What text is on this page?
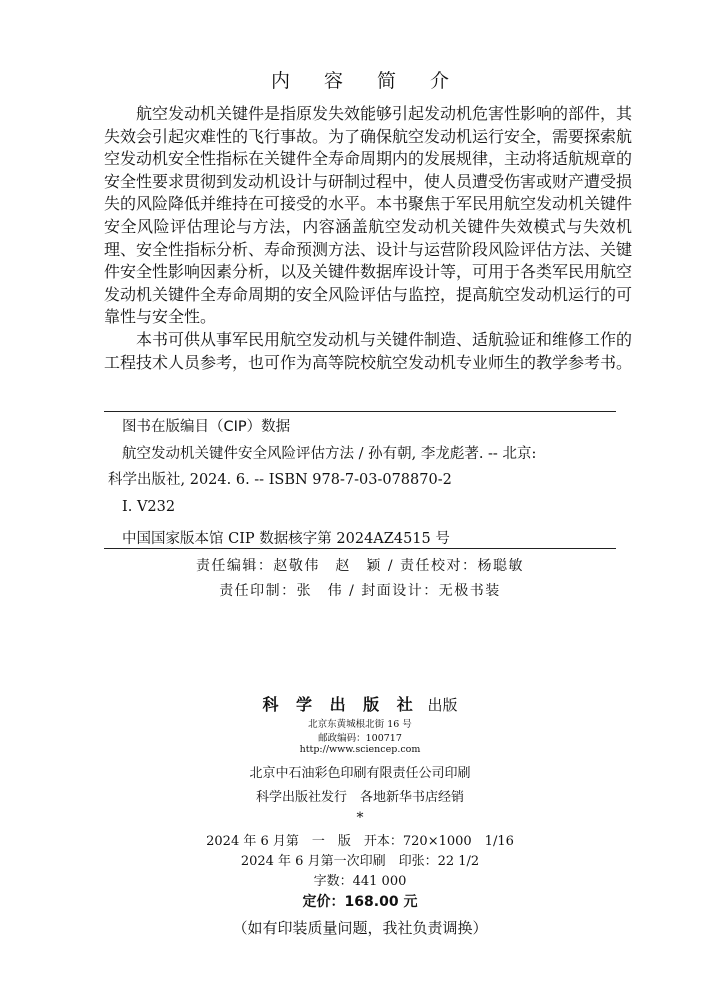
内 容 简 介

航空发动机关键件是指原发失效能够引起发动机危害性影响的部件，其失效会引起灾难性的飞行事故。为了确保航空发动机运行安全，需要探索航空发动机安全性指标在关键件全寿命周期内的发展规律，主动将适航规章的安全性要求贯彻到发动机设计与研制过程中，使人员遭受伤害或财产遭受损失的风险降低并维持在可接受的水平。本书聚焦于军民用航空发动机关键件安全风险评估理论与方法，内容涵盖航空发动机关键件失效模式与失效机理、安全性指标分析、寿命预测方法、设计与运营阶段风险评估方法、关键件安全性影响因素分析，以及关键件数据库设计等，可用于各类军民用航空发动机关键件全寿命周期的安全风险评估与监控，提高航空发动机运行的可靠性与安全性。

本书可供从事军民用航空发动机与关键件制造、适航验证和维修工作的工程技术人员参考，也可作为高等院校航空发动机专业师生的教学参考书。

图书在版编目（CIP）数据
航空发动机关键件安全风险评估方法 / 孙有朝, 李龙彪著. -- 北京:
科学出版社, 2024. 6. -- ISBN 978-7-03-078870-2
Ⅰ. V232
中国国家版本馆 CIP 数据核字第 2024AZ4515 号
责任编辑：赵敬伟　赵　颖 / 责任校对：杨聪敏
责任印制：张　伟 / 封面设计：无极书装
科 学 出 版 社 出版
北京东黄城根北街 16 号
邮政编码：100717
http://www.sciencep.com
北京中石油彩色印刷有限责任公司印刷
科学出版社发行　各地新华书店经销
*
2024 年 6 月第　一　版　开本：720×1000　1/16
2024 年 6 月第一次印刷　印张：22 1/2
字数：441 000
定价：168.00 元
（如有印装质量问题，我社负责调换）
